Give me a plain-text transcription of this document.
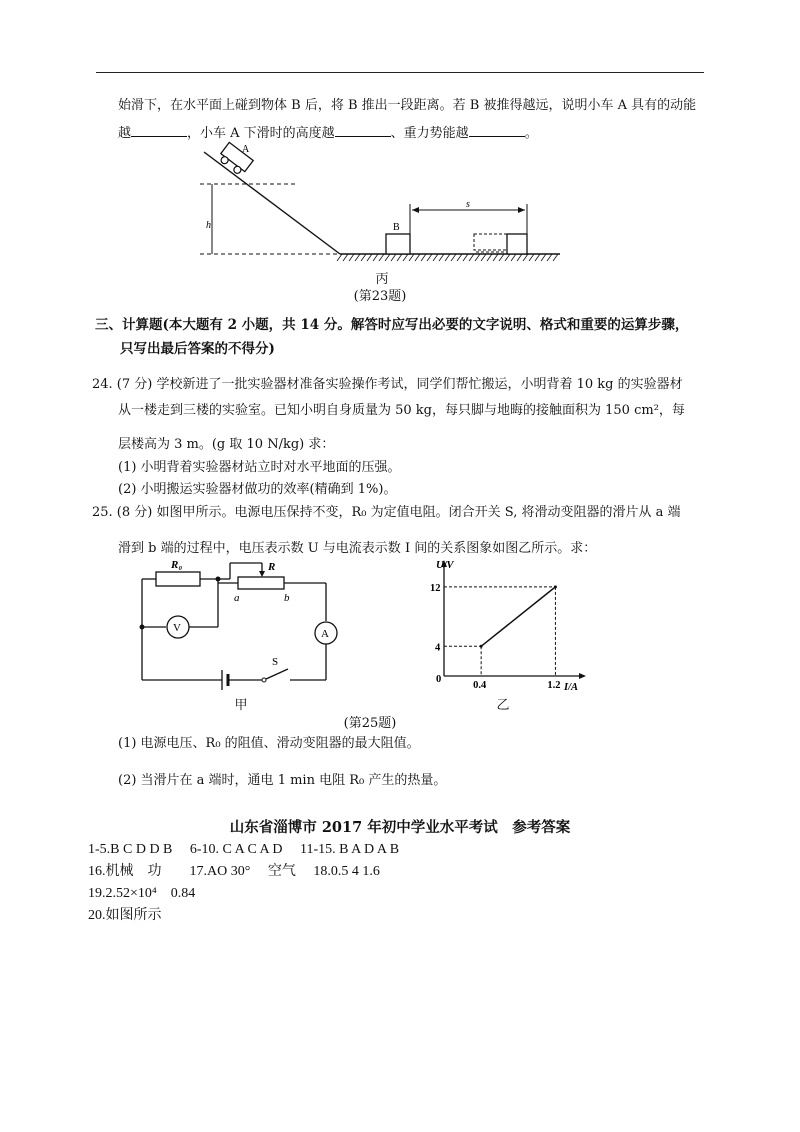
始滑下，在水平面上碰到物体 B 后，将 B 推出一段距离。若 B 被推得越远，说明小车 A 具有的动能
越	，小车 A 下滑时的高度越	、重力势能越	。
A
h	B
s
丙
(第23题)
三、计算题(本大题有 2 小题，共 14 分。解答时应写出必要的文字说明、格式和重要的运算步骤，
只写出最后答案的不得分)
24. (7 分) 学校新进了一批实验器材准备实验操作考试，同学们帮忙搬运，小明背着 10 kg 的实验器材
从一楼走到三楼的实验室。已知小明自身质量为 50 kg，每只脚与地晦的接触面积为 150 cm²，每
层楼高为 3 m。(g 取 10 N/kg) 求：
(1) 小明背着实验器材站立时对水平地面的压强。
(2) 小明搬运实验器材做功的效率(精确到 1%)。
25. (8 分) 如图甲所示。电源电压保持不变，R₀ 为定值电阻。闭合开关 S, 将滑动变阻器的滑片从 a 端
滑到 b 端的过程中，电压表示数 U 与电流表示数 I 间的关系图象如图乙所示。求：
R₀	R
a	b
V	A
S
甲
0.4	1.2
4
12
U/V
I/A
0
乙
(第25题)
(1) 电源电压、R₀ 的阻值、滑动变阻器的最大阻值。
(2) 当滑片在 a 端时，通电 1 min 电阻 R₀ 产生的热量。
山东省淄博市 2017 年初中学业水平考试　参考答案
1-5.B C D D B　 6-10. C A C A D　 11-15. B A D A B
16.机械　功　　17.AO 30°　 空气　 18.0.5 4 1.6
19.2.52×10⁴　0.84
20.如图所示
